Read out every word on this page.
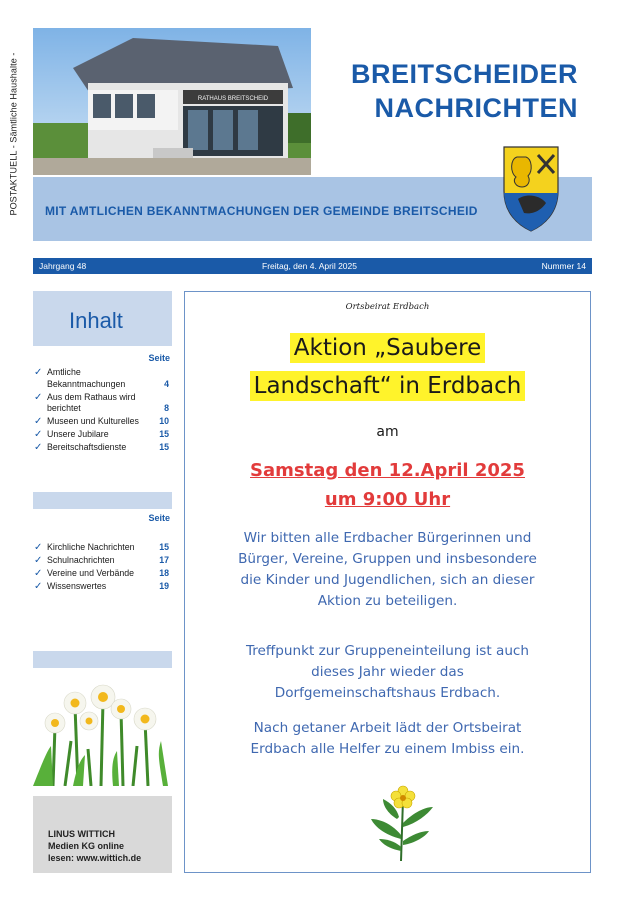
POSTAKTUELL - Sämtliche Haushalte -	RATHAUS BREITSCHEID
BREITSCHEIDER
NACHRICHTEN
MIT AMTLICHEN BEKANNTMACHUNGEN DER GEMEINDE BREITSCHEID
Jahrgang 48	Freitag, den 4. April 2025	Nummer 14
Inhalt
Seite
✓ Amtliche Bekanntmachungen	4
✓ Aus dem Rathaus wird berichtet	8
✓ Museen und Kulturelles 10
✓ Unsere Jubilare	15
✓ Bereitschaftsdienste	15
Seite
✓ Kirchliche Nachrichten	15
✓ Schulnachrichten	17
✓ Vereine und Verbände	18
✓ Wissenswertes	19
LINUS WITTICH
Medien KG online
lesen: www.wittich.de
Ortsbeirat Erdbach
Aktion „Saubere
Landschaft“ in Erdbach
am
Samstag den 12.April 2025
um 9:00 Uhr
Wir bitten alle Erdbacher Bürgerinnen und
Bürger, Vereine, Gruppen und insbesondere
die Kinder und Jugendlichen, sich an dieser
Aktion zu beteiligen.
Treffpunkt zur Gruppeneinteilung ist auch
dieses Jahr wieder das
Dorfgemeinschaftshaus Erdbach.
Nach getaner Arbeit lädt der Ortsbeirat
Erdbach alle Helfer zu einem Imbiss ein.
